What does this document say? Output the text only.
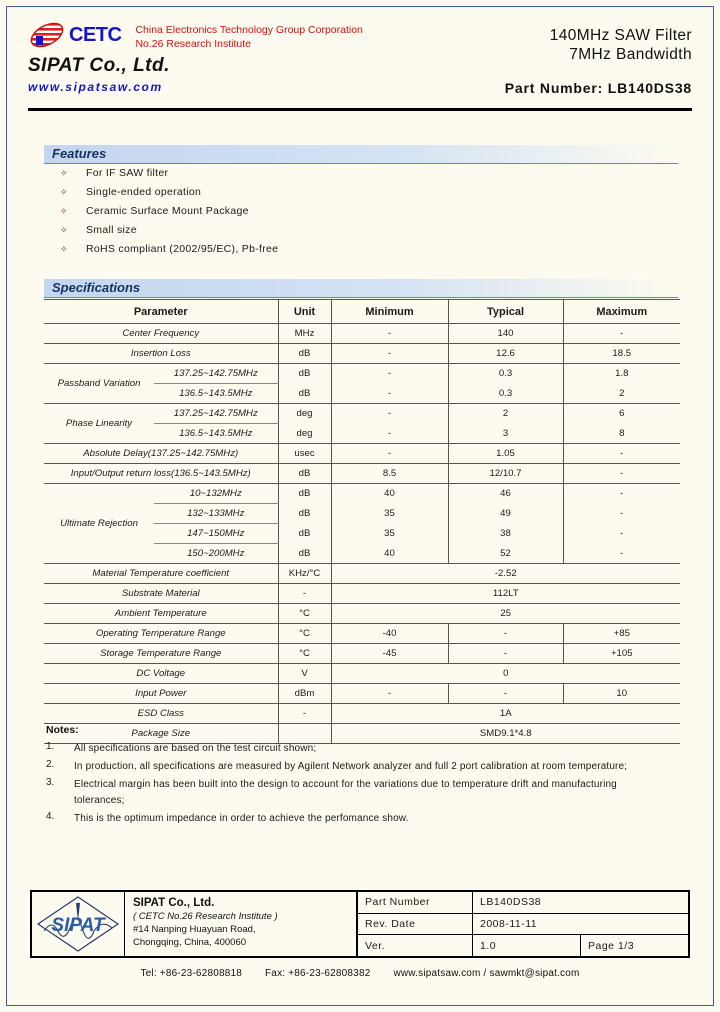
CETC China Electronics Technology Group Corporation
No.26 Research Institute
SIPAT Co., Ltd.
www.sipatsaw.com
140MHz SAW Filter
7MHz Bandwidth
Part Number: LB140DS38
Features
✧	For IF SAW filter
✧	Single-ended operation
✧	Ceramic Surface Mount Package
✧	Small size
✧	RoHS compliant (2002/95/EC), Pb-free
Specifications
Parameter		Unit	Minimum	Typical	Maximum
Center Frequency		MHz	-	140	-
Insertion Loss		dB	-	12.6	18.5
Passband Variation	137.25~142.75MHz	dB	-	0.3	1.8
	136.5~143.5MHz	dB	-	0.3	2
Phase Linearity	137.25~142.75MHz	deg	-	2	6
	136.5~143.5MHz	deg	-	3	8
Absolute Delay(137.25~142.75MHz)		usec	-	1.05	-
Input/Output return loss(136.5~143.5MHz)		dB	8.5	12/10.7	-
Ultimate Rejection	10~132MHz	dB	40	46	-
	132~133MHz	dB	35	49	-
	147~150MHz	dB	35	38	-
	150~200MHz	dB	40	52	-
Material Temperature coefficient		KHz/°C	-2.52		
Substrate Material		-	112LT		
Ambient Temperature		°C	25		
Operating Temperature Range		°C	-40	-	+85
Storage Temperature Range		°C	-45	-	+105
DC Voltage		V	0		
Input Power		dBm	-	-	10
ESD Class		-	1A		
Package Size			SMD9.1*4.8		
Notes:
1.	All specifications are based on the test circuit shown;
2.	In production, all specifications are measured by Agilent Network analyzer and full 2 port calibration at room temperature;
3.	Electrical margin has been built into the design to account for the variations due to temperature drift and manufacturing tolerances;
4.	This is the optimum impedance in order to achieve the perfomance show.
SIPAT
SIPAT Co., Ltd.
( CETC No.26 Research Institute )
#14 Nanping Huayuan Road,
Chongqing, China, 400060
Part Number	LB140DS38
Rev. Date	2008-11-11
Ver.	1.0	Page 1/3
Tel: +86-23-62808818 Fax: +86-23-62808382 www.sipatsaw.com / sawmkt@sipat.com
